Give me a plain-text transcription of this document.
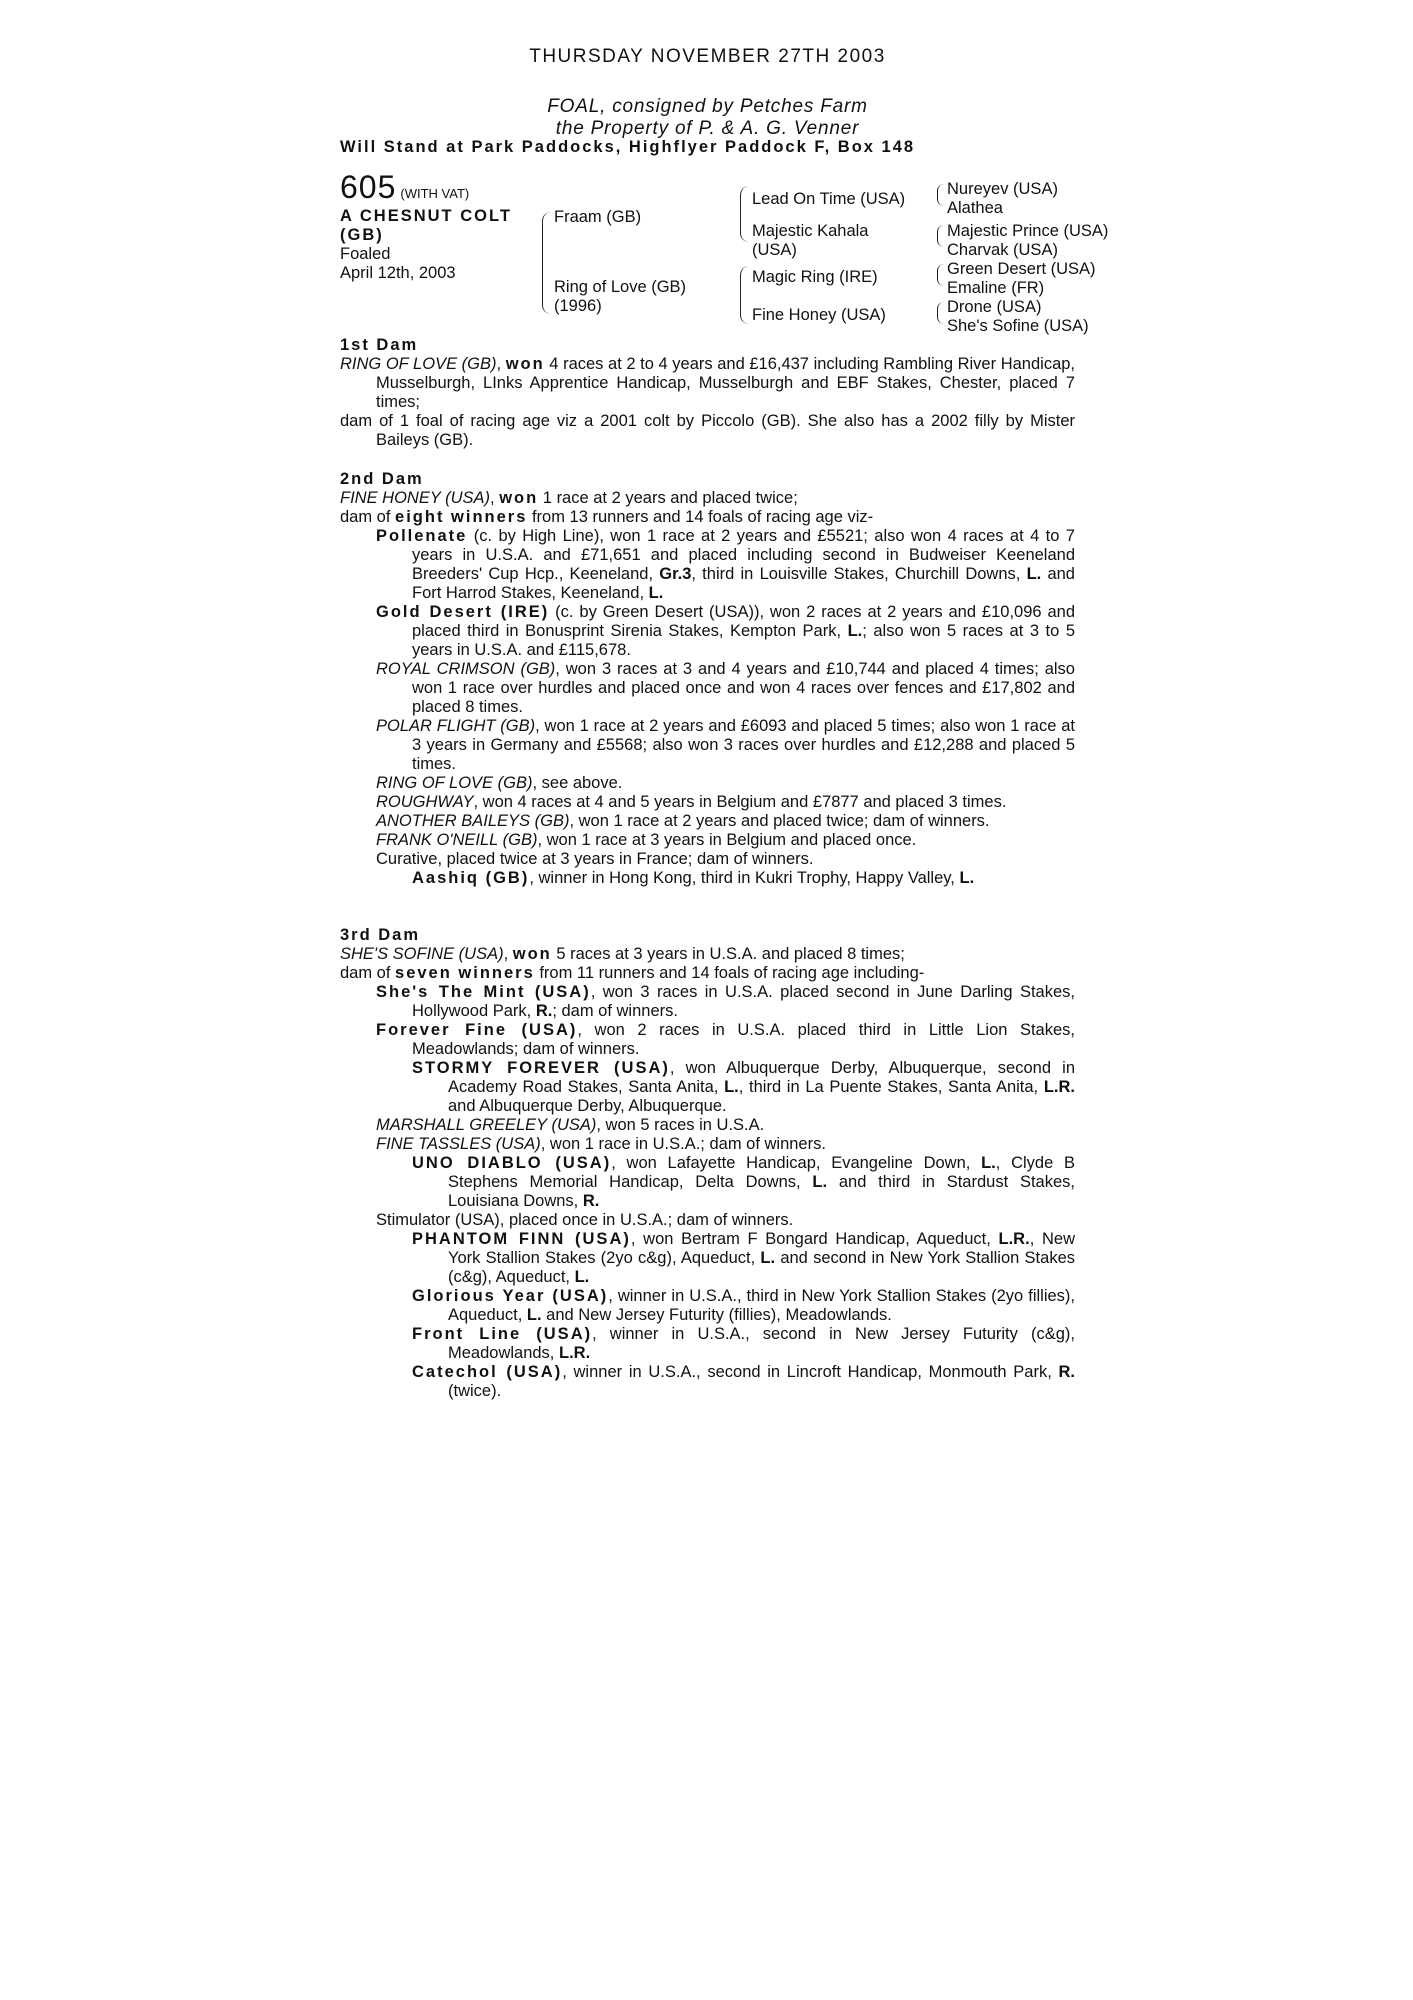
THURSDAY NOVEMBER 27TH 2003
FOAL, consigned by Petches Farm
the Property of P. & A. G. Venner
Will Stand at Park Paddocks, Highflyer Paddock F, Box 148
605 (WITH VAT)
A CHESNUT COLT
(GB)
Foaled
April 12th, 2003
Fraam (GB)
Ring of Love (GB)
(1996)
Lead On Time (USA)
Majestic Kahala
(USA)
Magic Ring (IRE)
Fine Honey (USA)
Nureyev (USA)
Alathea
Majestic Prince (USA)
Charvak (USA)
Green Desert (USA)
Emaline (FR)
Drone (USA)
She's Sofine (USA)
1st Dam
RING OF LOVE (GB), won 4 races at 2 to 4 years and £16,437 including Rambling River Handicap, Musselburgh, LInks Apprentice Handicap, Musselburgh and EBF Stakes, Chester, placed 7 times;
dam of 1 foal of racing age viz a 2001 colt by Piccolo (GB). She also has a 2002 filly by Mister Baileys (GB).
2nd Dam
FINE HONEY (USA), won 1 race at 2 years and placed twice;
dam of eight winners from 13 runners and 14 foals of racing age viz-
Pollenate (c. by High Line), won 1 race at 2 years and £5521; also won 4 races at 4 to 7 years in U.S.A. and £71,651 and placed including second in Budweiser Keeneland Breeders' Cup Hcp., Keeneland, Gr.3, third in Louisville Stakes, Churchill Downs, L. and Fort Harrod Stakes, Keeneland, L.
Gold Desert (IRE) (c. by Green Desert (USA)), won 2 races at 2 years and £10,096 and placed third in Bonusprint Sirenia Stakes, Kempton Park, L.; also won 5 races at 3 to 5 years in U.S.A. and £115,678.
ROYAL CRIMSON (GB), won 3 races at 3 and 4 years and £10,744 and placed 4 times; also won 1 race over hurdles and placed once and won 4 races over fences and £17,802 and placed 8 times.
POLAR FLIGHT (GB), won 1 race at 2 years and £6093 and placed 5 times; also won 1 race at 3 years in Germany and £5568; also won 3 races over hurdles and £12,288 and placed 5 times.
RING OF LOVE (GB), see above.
ROUGHWAY, won 4 races at 4 and 5 years in Belgium and £7877 and placed 3 times.
ANOTHER BAILEYS (GB), won 1 race at 2 years and placed twice; dam of winners.
FRANK O'NEILL (GB), won 1 race at 3 years in Belgium and placed once.
Curative, placed twice at 3 years in France; dam of winners.
Aashiq (GB), winner in Hong Kong, third in Kukri Trophy, Happy Valley, L.
3rd Dam
SHE'S SOFINE (USA), won 5 races at 3 years in U.S.A. and placed 8 times;
dam of seven winners from 11 runners and 14 foals of racing age including-
She's The Mint (USA), won 3 races in U.S.A. placed second in June Darling Stakes, Hollywood Park, R.; dam of winners.
Forever Fine (USA), won 2 races in U.S.A. placed third in Little Lion Stakes, Meadowlands; dam of winners.
STORMY FOREVER (USA), won Albuquerque Derby, Albuquerque, second in Academy Road Stakes, Santa Anita, L., third in La Puente Stakes, Santa Anita, L.R. and Albuquerque Derby, Albuquerque.
MARSHALL GREELEY (USA), won 5 races in U.S.A.
FINE TASSLES (USA), won 1 race in U.S.A.; dam of winners.
UNO DIABLO (USA), won Lafayette Handicap, Evangeline Down, L., Clyde B Stephens Memorial Handicap, Delta Downs, L. and third in Stardust Stakes, Louisiana Downs, R.
Stimulator (USA), placed once in U.S.A.; dam of winners.
PHANTOM FINN (USA), won Bertram F Bongard Handicap, Aqueduct, L.R., New York Stallion Stakes (2yo c&g), Aqueduct, L. and second in New York Stallion Stakes (c&g), Aqueduct, L.
Glorious Year (USA), winner in U.S.A., third in New York Stallion Stakes (2yo fillies), Aqueduct, L. and New Jersey Futurity (fillies), Meadowlands.
Front Line (USA), winner in U.S.A., second in New Jersey Futurity (c&g), Meadowlands, L.R.
Catechol (USA), winner in U.S.A., second in Lincroft Handicap, Monmouth Park, R. (twice).
